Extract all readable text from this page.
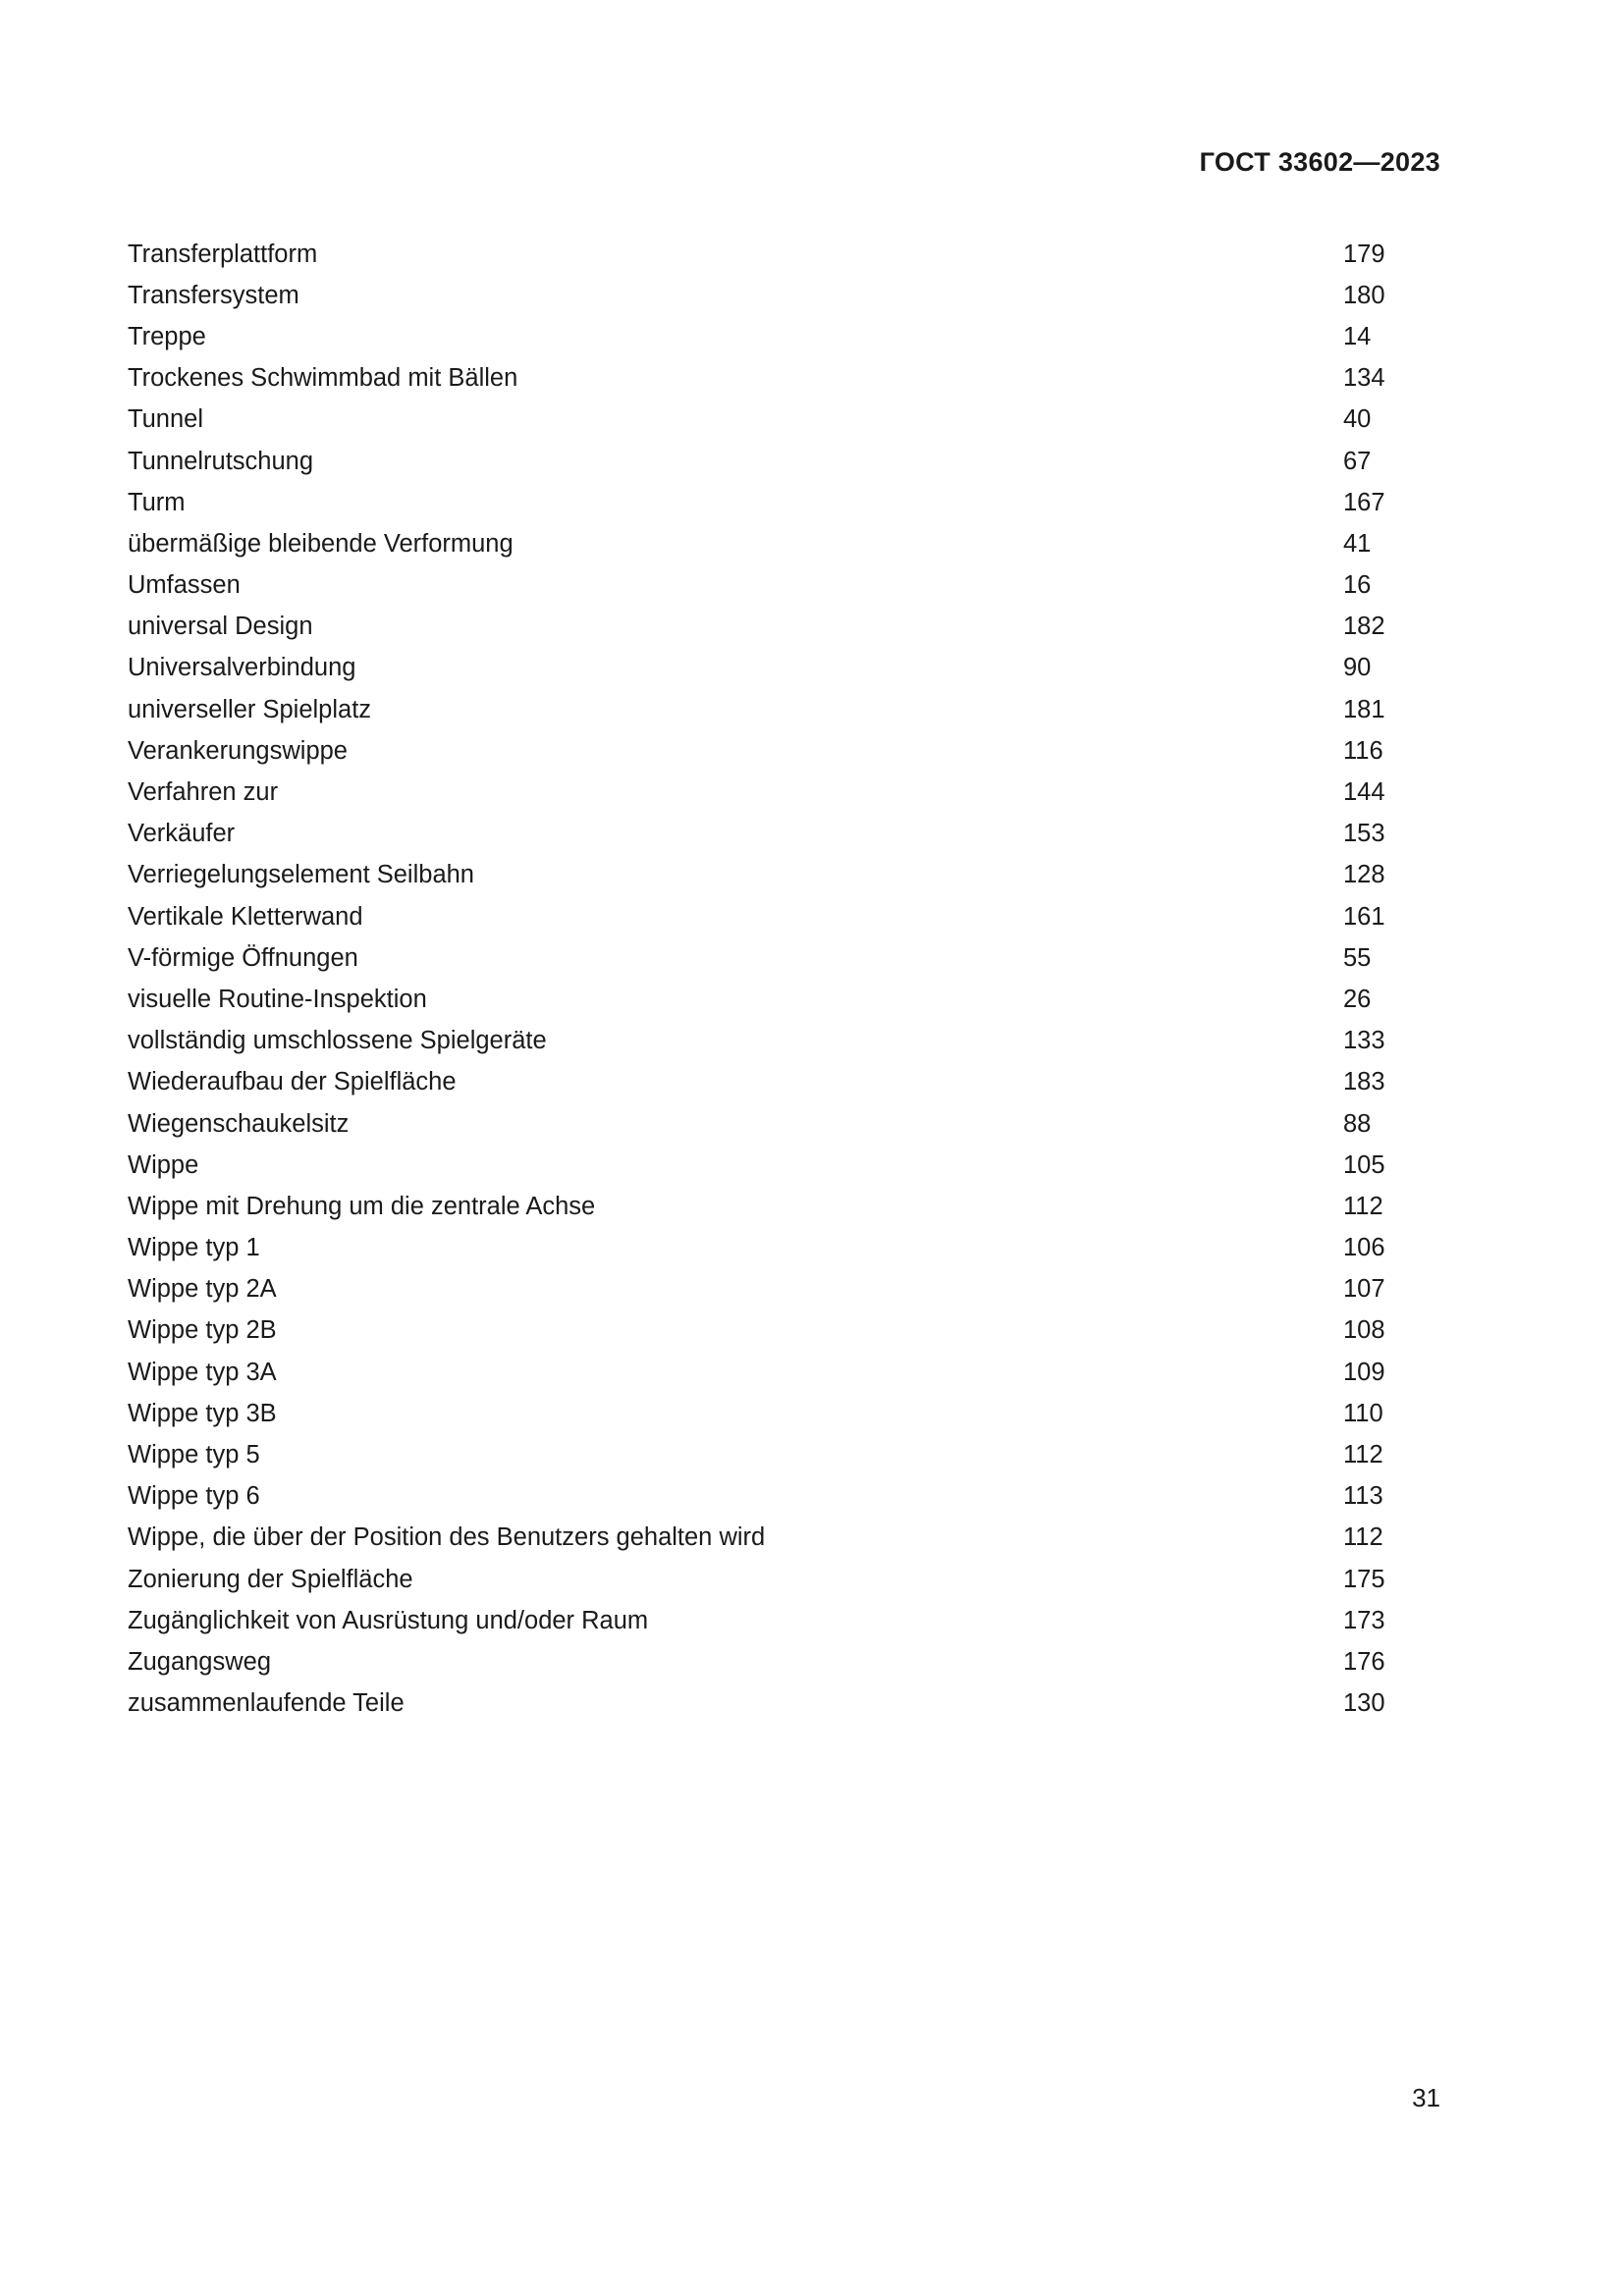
ГОСТ 33602—2023
Transferplattform	179
Transfersystem	180
Treppe	14
Trockenes Schwimmbad mit Bällen	134
Tunnel	40
Tunnelrutschung	67
Turm	167
übermäßige bleibende Verformung	41
Umfassen	16
universal Design	182
Universalverbindung	90
universeller Spielplatz	181
Verankerungswippe	116
Verfahren zur	144
Verkäufer	153
Verriegelungselement Seilbahn	128
Vertikale Kletterwand	161
V-förmige Öffnungen	55
visuelle Routine-Inspektion	26
vollständig umschlossene Spielgeräte	133
Wiederaufbau der Spielfläche	183
Wiegenschaukelsitz	88
Wippe	105
Wippe mit Drehung um die zentrale Achse	112
Wippe typ 1	106
Wippe typ 2A	107
Wippe typ 2B	108
Wippe typ 3A	109
Wippe typ 3B	110
Wippe typ 5	112
Wippe typ 6	113
Wippe, die über der Position des Benutzers gehalten wird	112
Zonierung der Spielfläche	175
Zugänglichkeit von Ausrüstung und/oder Raum	173
Zugangsweg	176
zusammenlaufende Teile	130
31
